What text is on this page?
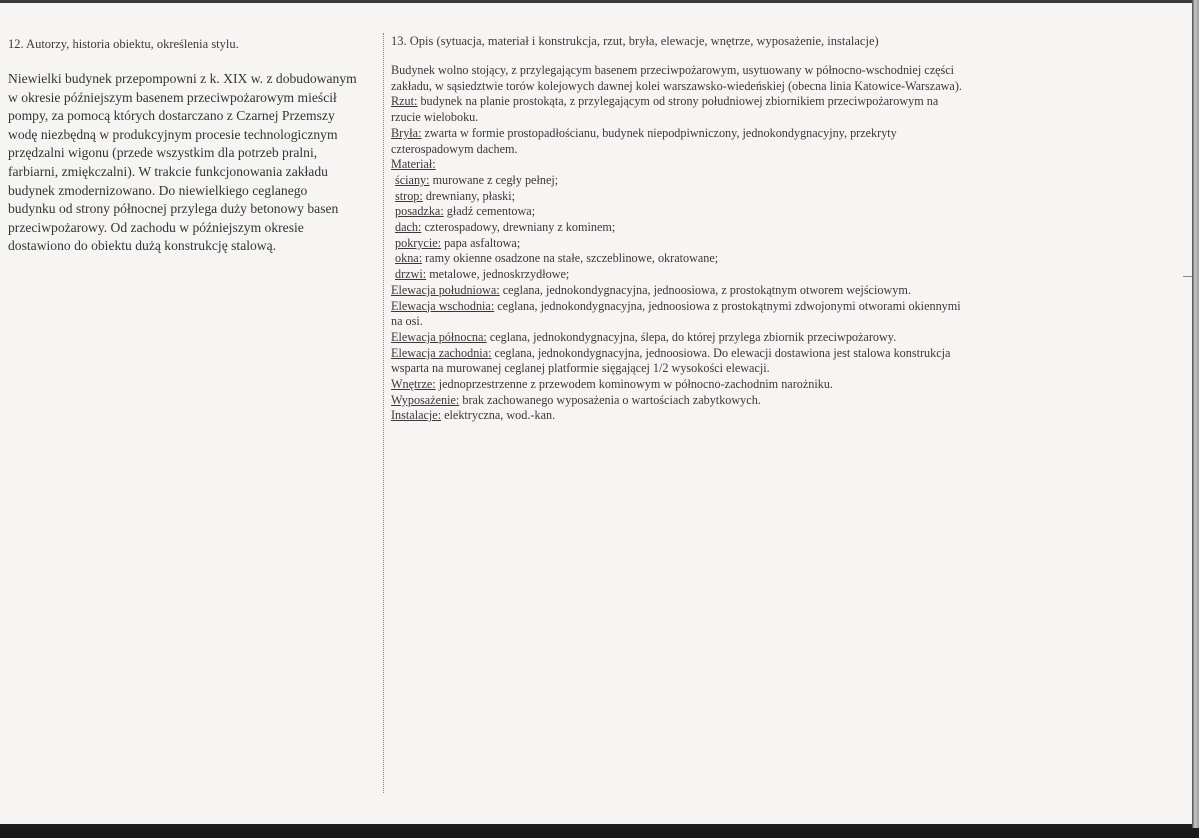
12. Autorzy, historia obiektu, określenia stylu.

Niewielki budynek przepompowni z k. XIX w. z dobudowanym w okresie późniejszym basenem przeciwpożarowym mieścił pompy, za pomocą których dostarczano z Czarnej Przemszy wodę niezbędną w produkcyjnym procesie technologicznym przędzalni wigonu (przede wszystkim dla potrzeb pralni, farbiarni, zmiękczalni). W trakcie funkcjonowania zakładu budynek zmodernizowano. Do niewielkiego ceglanego budynku od strony północnej przylega duży betonowy basen przeciwpożarowy. Od zachodu w późniejszym okresie dostawiono do obiektu dużą konstrukcję stalową.

13. Opis (sytuacja, materiał i konstrukcja, rzut, bryła, elewacje, wnętrze, wyposażenie, instalacje)

Budynek wolno stojący, z przylegającym basenem przeciwpożarowym, usytuowany w północno-wschodniej części
zakładu, w sąsiedztwie torów kolejowych dawnej kolei warszawsko-wiedeńskiej (obecna linia Katowice-Warszawa).

Rzut: budynek na planie prostokąta, z przylegającym od strony południowej zbiornikiem przeciwpożarowym na
rzucie wieloboku.

Bryła: zwarta w formie prostopadłościanu, budynek niepodpiwniczony, jednokondygnacyjny, przekryty
czterospadowym dachem.

Materiał:
ściany: murowane z cegły pełnej;
strop: drewniany, płaski;
posadzka: gładź cementowa;
dach: czterospadowy, drewniany z kominem;
pokrycie: papa asfaltowa;
okna: ramy okienne osadzone na stałe, szczeblinowe, okratowane;
drzwi: metalowe, jednoskrzydłowe;

Elewacja południowa: ceglana, jednokondygnacyjna, jednoosiowa, z prostokątnym otworem wejściowym.

Elewacja wschodnia: ceglana, jednokondygnacyjna, jednoosiowa z prostokątnymi zdwojonymi otworami okiennymi
na osi.

Elewacja północna: ceglana, jednokondygnacyjna, ślepa, do której przylega zbiornik przeciwpożarowy.

Elewacja zachodnia: ceglana, jednokondygnacyjna, jednoosiowa. Do elewacji dostawiona jest stalowa konstrukcja
wsparta na murowanej ceglanej platformie sięgającej 1/2 wysokości elewacji.

Wnętrze: jednoprzestrzenne z przewodem kominowym w północno-zachodnim narożniku.

Wyposażenie: brak zachowanego wyposażenia o wartościach zabytkowych.

Instalacje: elektryczna, wod.-kan.
